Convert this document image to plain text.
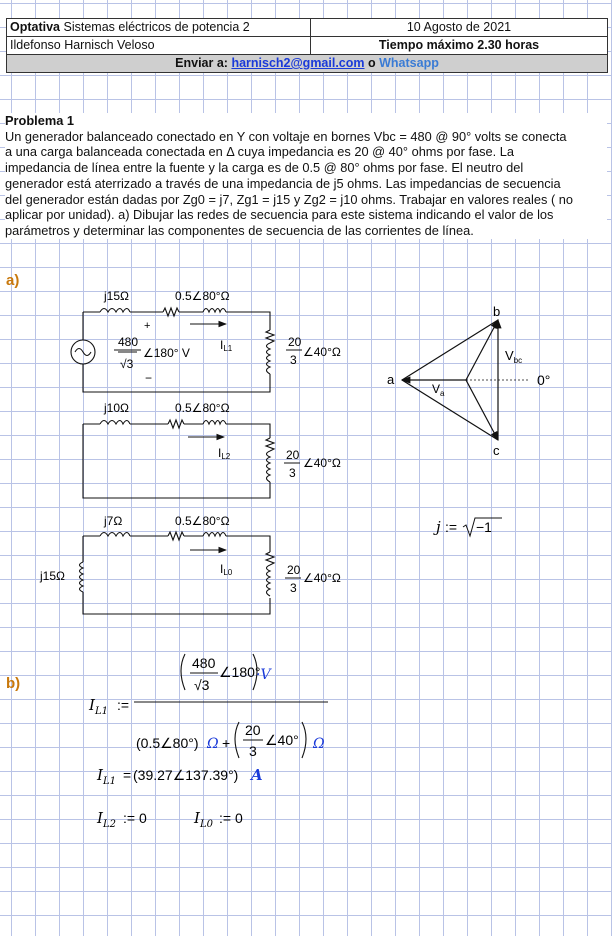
Optativa Sistemas eléctricos de potencia 2	10 Agosto de 2021
Ildefonso Harnisch Veloso	Tiempo máximo 2.30 horas
Enviar a:
harnisch2@gmail.com
o
Whatsapp

Problema 1

Un generador balanceado conectado en Y con voltaje en bornes Vbc = 480 @ 90° volts se conecta

a una carga balanceada conectada en Δ cuya impedancia es 20 @ 40° ohms por fase. La

impedancia de línea entre la fuente y la carga es de 0.5 @ 80° ohms por fase. El neutro del

generador está aterrizado a través de una impedancia de j5 ohms. Las impedancias de secuencia

del generador están dadas por Zg0 = j7, Zg1 = j15 y Zg2 = j10 ohms. Trabajar en valores reales ( no

aplicar por unidad). a) Dibujar las redes de secuencia para este sistema indicando el valor de los

parámetros y determinar las componentes de secuencia de las corrientes de línea.

a)
b)
j15Ω	0.5∠80°Ω
+
−
480
√3
∠180° V
IL1	20
3
∠40°Ω
j10Ω	0.5∠80°Ω
IL2	20
3
∠40°Ω
j7Ω	0.5∠80°Ω
j15Ω	IL0	20
3
∠40°Ω
b
c
a
$V_{bc}$
$V_a$
0°
j := −1
$I_{L1}$ :=
480
√3
∠180°
·V
(0.5∠80°) Ω +
20
3
∠40° Ω
$I_{L1}$ = (39.27∠137.39°) A
$I_{L2}$ := 0	$I_{L0}$ := 0
